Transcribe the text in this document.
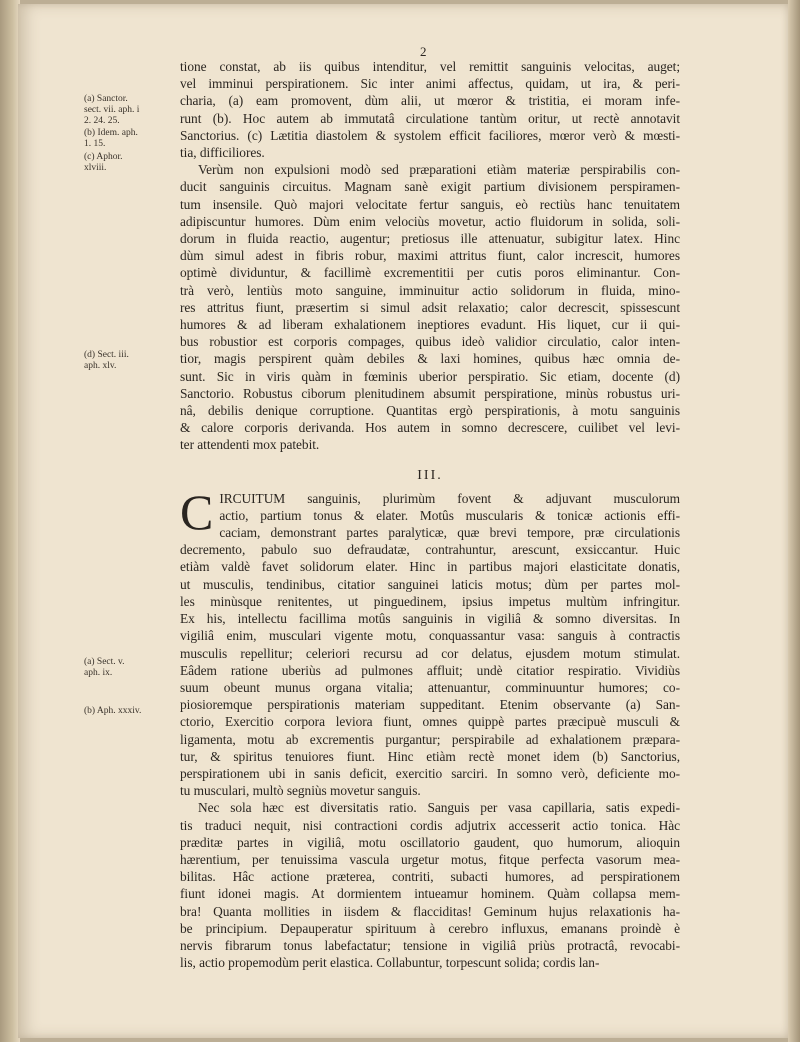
2
(a) Sanctor.
sect. vii. aph. i
2. 24. 25.
(b) Idem. aph.
1. 15.
(c) Aphor.
xlviii.
(d) Sect. iii.
aph. xlv.
(a) Sect. v.
aph. ix.
(b) Aph. xxxiv.
tione constat, ab iis quibus intenditur, vel remittit sanguinis velocitas, auget;
vel imminui perspirationem. Sic inter animi affectus, quidam, ut ira, & peri-
charia, (a) eam promovent, dùm alii, ut mœror & tristitia, ei moram infe-
runt (b). Hoc autem ab immutatâ circulatione tantùm oritur, ut rectè annotavit
Sanctorius. (c) Lætitia diastolem & systolem efficit faciliores, mœror verò & mœsti-
tia, difficiliores.
Verùm non expulsioni modò sed præparationi etiàm materiæ perspirabilis con-
ducit sanguinis circuitus. Magnam sanè exigit partium divisionem perspiramen-
tum insensile. Quò majori velocitate fertur sanguis, eò rectiùs hanc tenuitatem
adipiscuntur humores. Dùm enim velociùs movetur, actio fluidorum in solida, soli-
dorum in fluida reactio, augentur; pretiosus ille attenuatur, subigitur latex. Hinc
dùm simul adest in fibris robur, maximi attritus fiunt, calor increscit, humores
optimè dividuntur, & facillimè excrementitii per cutis poros eliminantur. Con-
trà verò, lentiùs moto sanguine, imminuitur actio solidorum in fluida, mino-
res attritus fiunt, præsertim si simul adsit relaxatio; calor decrescit, spissescunt
humores & ad liberam exhalationem ineptiores evadunt. His liquet, cur ii qui-
bus robustior est corporis compages, quibus ideò validior circulatio, calor inten-
tior, magis perspirent quàm debiles & laxi homines, quibus hæc omnia de-
sunt. Sic in viris quàm in fœminis uberior perspiratio. Sic etiam, docente (d)
Sanctorio. Robustus ciborum plenitudinem absumit perspiratione, minùs robustus uri-
nâ, debilis denique corruptione. Quantitas ergò perspirationis, à motu sanguinis
& calore corporis derivanda. Hos autem in somno decrescere, cuilibet vel levi-
ter attendenti mox patebit.
III.
C IRCUITUM sanguinis, plurimùm fovent & adjuvant musculorum
actio, partium tonus & elater. Motûs muscularis & tonicæ actionis effi-
caciam, demonstrant partes paralyticæ, quæ brevi tempore, præ circulationis
decremento, pabulo suo defraudatæ, contrahuntur, arescunt, exsiccantur. Huic
etiàm valdè favet solidorum elater. Hinc in partibus majori elasticitate donatis,
ut musculis, tendinibus, citatior sanguinei laticis motus; dùm per partes mol-
les minùsque renitentes, ut pinguedinem, ipsius impetus multùm infringitur.
Ex his, intellectu facillima motûs sanguinis in vigiliâ & somno diversitas. In
vigiliâ enim, musculari vigente motu, conquassantur vasa: sanguis à contractis
musculis repellitur; celeriori recursu ad cor delatus, ejusdem motum stimulat.
Eâdem ratione uberiùs ad pulmones affluit; undè citatior respiratio. Vividiùs
suum obeunt munus organa vitalia; attenuantur, comminuuntur humores; co-
piosioremque perspirationis materiam suppeditant. Etenim observante (a) San-
ctorio, Exercitio corpora leviora fiunt, omnes quippè partes præcipuè musculi &
ligamenta, motu ab excrementis purgantur; perspirabile ad exhalationem præpara-
tur, & spiritus tenuiores fiunt. Hinc etiàm rectè monet idem (b) Sanctorius,
perspirationem ubi in sanis deficit, exercitio sarciri. In somno verò, deficiente mo-
tu musculari, multò segniùs movetur sanguis.
Nec sola hæc est diversitatis ratio. Sanguis per vasa capillaria, satis expedi-
tis traduci nequit, nisi contractioni cordis adjutrix accesserit actio tonica. Hàc
præditæ partes in vigiliâ, motu oscillatorio gaudent, quo humorum, alioquin
hærentium, per tenuissima vascula urgetur motus, fitque perfecta vasorum mea-
bilitas. Hâc actione præterea, contriti, subacti humores, ad perspirationem
fiunt idonei magis. At dormientem intueamur hominem. Quàm collapsa mem-
bra! Quanta mollities in iisdem & flacciditas! Geminum hujus relaxationis ha-
be principium. Depauperatur spirituum à cerebro influxus, emanans proindè è
nervis fibrarum tonus labefactatur; tensione in vigiliâ priùs protractâ, revocabi-
lis, actio propemodùm perit elastica. Collabuntur, torpescunt solida; cordis lan-
